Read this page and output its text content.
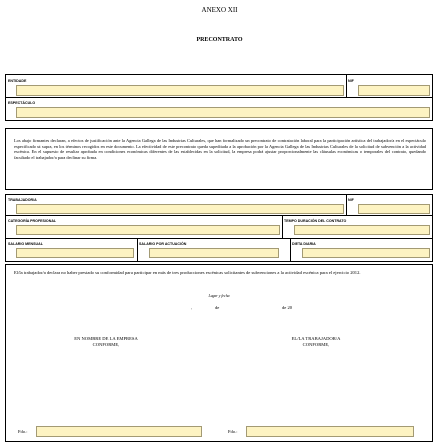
ANEXO XII
PRECONTRATO
ENTIDADE	NIF
ESPECTÁCULO
Los abajo firmantes declaran, a efectos de justificación ante la Agencia Gallega de las Industrias Culturales, que han formalizado un precontrato de contratación laboral para la participación artística del trabajador/a en el espectáculo especificado ut supra, en los términos recogidos en este documento. La efectividad de este precontrato queda supeditada a la aprobación por la Agencia Gallega de las Industrias Culturales de la solicitud de subvención a la actividad escénica. En el supuesto de resultar aprobada en condiciones económicas diferentes de las establecidas en la solicitud, la empresa podrá ajustar proporcionalmente las cláusulas económicas o temporales del contrato, quedando facultado el trabajador/a para declinar su firma.
TRABAJADOR/A	NIF
CATEGORÍA PROFESIONAL	TEMPO DURACIÓN DEL CONTRATO
SALARIO MENSUAL	SALARIO POR ACTUACIÓN	DIETA DIARIA
El/la trabajador/a declara no haber prestado su conformidad para participar en más de tres producciones escénicas solicitantes de subvenciones a la actividad escénica para el ejercicio 2012.
Lugar y fecha
,	de	de 20
EN NOMBRE DE LA EMPRESA
CONFORME,
EL/LA TRABAJADOR/A
CONFORME,
Fdo.:	Fdo.:
